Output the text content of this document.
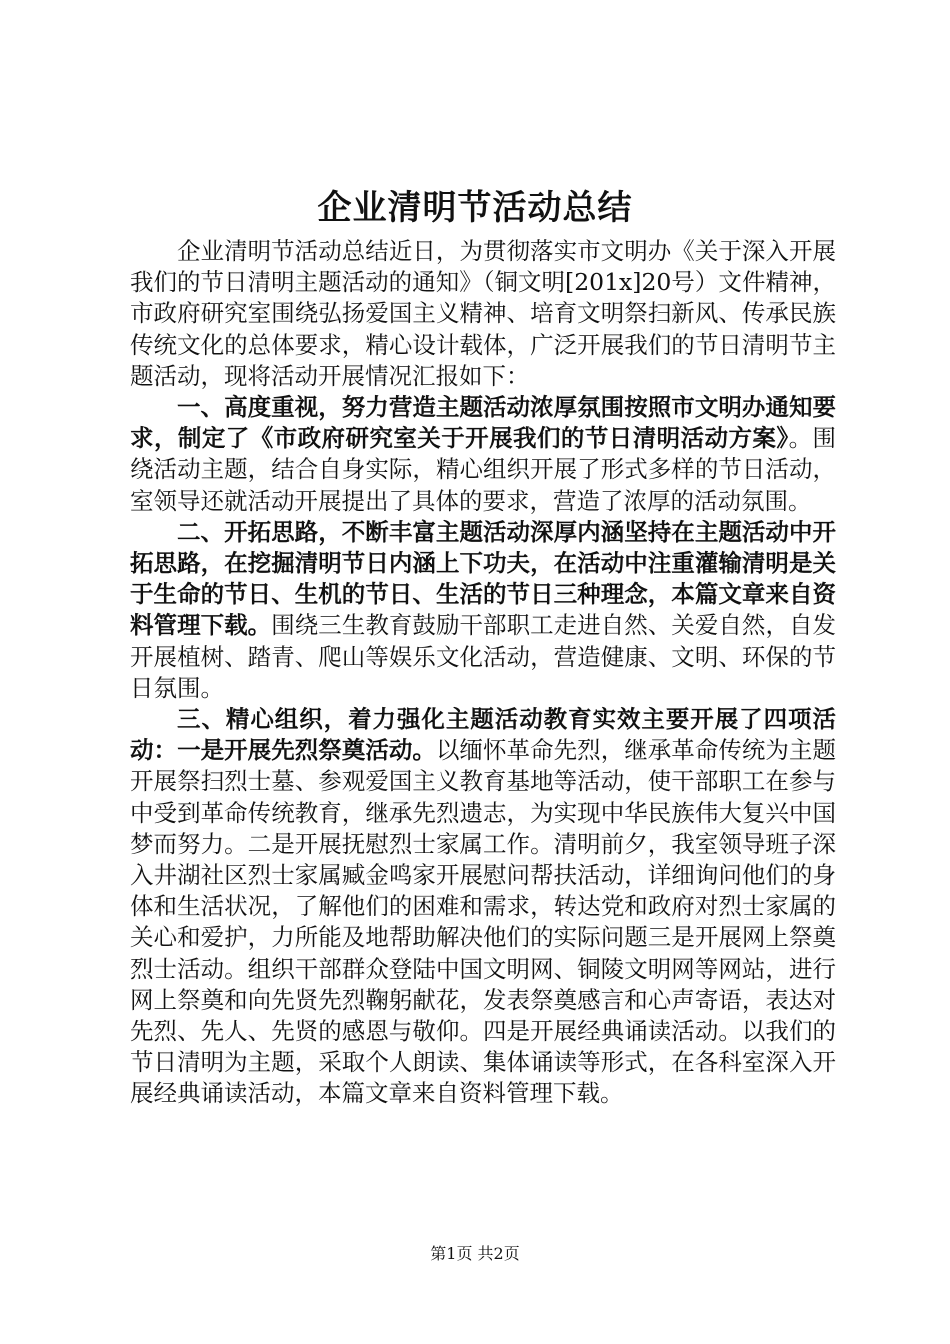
企业清明节活动总结

企业清明节活动总结近日，为贯彻落实市文明办《关于深入开展我们的节日清明主题活动的通知》（铜文明[201x]20号）文件精神，市政府研究室围绕弘扬爱国主义精神、培育文明祭扫新风、传承民族传统文化的总体要求，精心设计载体，广泛开展我们的节日清明节主题活动，现将活动开展情况汇报如下：

一、高度重视，努力营造主题活动浓厚氛围按照市文明办通知要求，制定了《市政府研究室关于开展我们的节日清明活动方案》。围绕活动主题，结合自身实际，精心组织开展了形式多样的节日活动，室领导还就活动开展提出了具体的要求，营造了浓厚的活动氛围。

二、开拓思路，不断丰富主题活动深厚内涵坚持在主题活动中开拓思路，在挖掘清明节日内涵上下功夫，在活动中注重灌输清明是关于生命的节日、生机的节日、生活的节日三种理念，本篇文章来自资料管理下载。围绕三生教育鼓励干部职工走进自然、关爱自然，自发开展植树、踏青、爬山等娱乐文化活动，营造健康、文明、环保的节日氛围。

三、精心组织，着力强化主题活动教育实效主要开展了四项活动：一是开展先烈祭奠活动。以缅怀革命先烈，继承革命传统为主题开展祭扫烈士墓、参观爱国主义教育基地等活动，使干部职工在参与中受到革命传统教育，继承先烈遗志，为实现中华民族伟大复兴中国梦而努力。二是开展抚慰烈士家属工作。清明前夕，我室领导班子深入井湖社区烈士家属臧金鸣家开展慰问帮扶活动，详细询问他们的身体和生活状况，了解他们的困难和需求，转达党和政府对烈士家属的关心和爱护，力所能及地帮助解决他们的实际问题三是开展网上祭奠烈士活动。组织干部群众登陆中国文明网、铜陵文明网等网站，进行网上祭奠和向先贤先烈鞠躬献花，发表祭奠感言和心声寄语，表达对先烈、先人、先贤的感恩与敬仰。四是开展经典诵读活动。以我们的节日清明为主题，采取个人朗读、集体诵读等形式，在各科室深入开展经典诵读活动，本篇文章来自资料管理下载。

第1页 共2页
